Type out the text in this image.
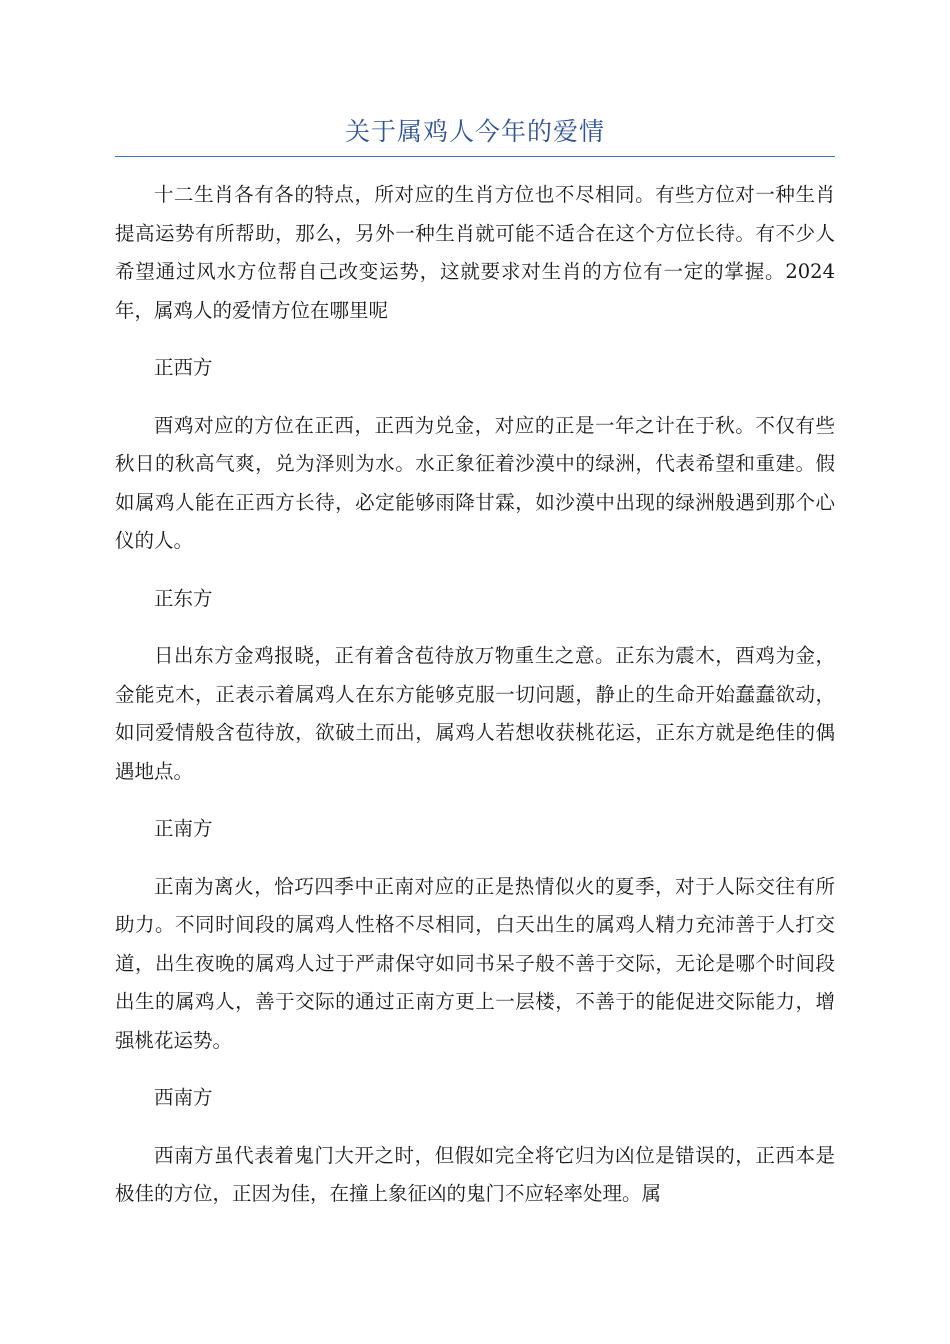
关于属鸡人今年的爱情

十二生肖各有各的特点，所对应的生肖方位也不尽相同。有些方位对一种生肖提高运势有所帮助，那么，另外一种生肖就可能不适合在这个方位长待。有不少人希望通过风水方位帮自己改变运势，这就要求对生肖的方位有一定的掌握。2024年，属鸡人的爱情方位在哪里呢

正西方

酉鸡对应的方位在正西，正西为兑金，对应的正是一年之计在于秋。不仅有些秋日的秋高气爽，兑为泽则为水。水正象征着沙漠中的绿洲，代表希望和重建。假如属鸡人能在正西方长待，必定能够雨降甘霖，如沙漠中出现的绿洲般遇到那个心仪的人。

正东方

日出东方金鸡报晓，正有着含苞待放万物重生之意。正东为震木，酉鸡为金，金能克木，正表示着属鸡人在东方能够克服一切问题，静止的生命开始蠢蠢欲动，如同爱情般含苞待放，欲破土而出，属鸡人若想收获桃花运，正东方就是绝佳的偶遇地点。

正南方

正南为离火，恰巧四季中正南对应的正是热情似火的夏季，对于人际交往有所助力。不同时间段的属鸡人性格不尽相同，白天出生的属鸡人精力充沛善于人打交道，出生夜晚的属鸡人过于严肃保守如同书呆子般不善于交际，无论是哪个时间段出生的属鸡人，善于交际的通过正南方更上一层楼，不善于的能促进交际能力，增强桃花运势。

西南方

西南方虽代表着鬼门大开之时，但假如完全将它归为凶位是错误的，正西本是极佳的方位，正因为佳，在撞上象征凶的鬼门不应轻率处理。属
